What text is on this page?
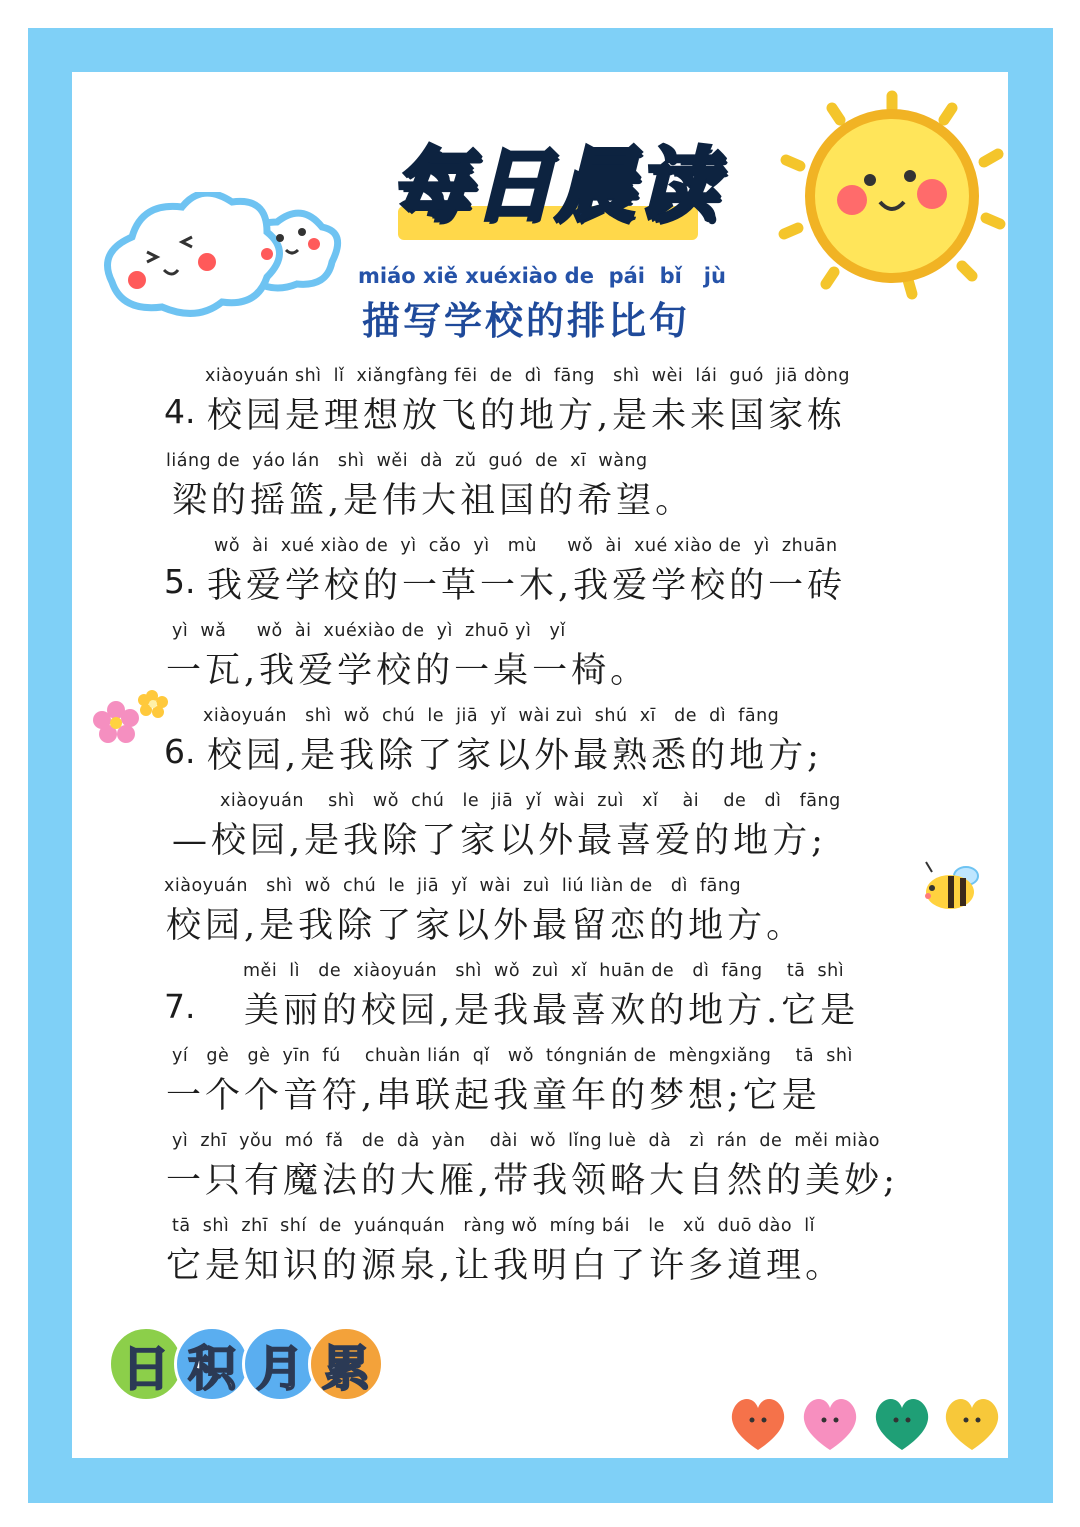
每日晨读
miáo xiě xuéxiào de  pái  bǐ   jù
描写学校的排比句
xiàoyuán shì  lǐ  xiǎngfàng fēi  de  dì  fāng   shì  wèi  lái  guó  jiā dòng
4. 校园是理想放飞的地方,是未来国家栋
liáng de  yáo lán   shì  wěi  dà  zǔ  guó  de  xī  wàng
梁的摇篮,是伟大祖国的希望。
wǒ  ài  xué xiào de  yì  cǎo  yì   mù     wǒ  ài  xué xiào de  yì  zhuān
5. 我爱学校的一草一木,我爱学校的一砖
yì  wǎ     wǒ  ài  xuéxiào de  yì  zhuō yì   yǐ
一瓦,我爱学校的一桌一椅。
xiàoyuán   shì  wǒ  chú  le  jiā  yǐ  wài zuì  shú  xī   de  dì  fāng
6. 校园,是我除了家以外最熟悉的地方;
xiàoyuán    shì   wǒ  chú   le  jiā  yǐ  wài  zuì   xǐ    ài    de   dì   fāng
—校园,是我除了家以外最喜爱的地方;
xiàoyuán   shì  wǒ  chú  le  jiā  yǐ  wài  zuì  liú liàn de   dì  fāng
校园,是我除了家以外最留恋的地方。
měi  lì   de  xiàoyuán   shì  wǒ  zuì  xǐ  huān de   dì  fāng    tā  shì
7. 美丽的校园,是我最喜欢的地方.它是
yí   gè   gè  yīn  fú    chuàn lián  qǐ   wǒ  tóngnián de  mèngxiǎng    tā  shì
一个个音符,串联起我童年的梦想;它是
yì  zhī  yǒu  mó  fǎ   de  dà  yàn    dài  wǒ  lǐng luè  dà   zì  rán  de  měi miào
一只有魔法的大雁,带我领略大自然的美妙;
tā  shì  zhī  shí  de  yuánquán   ràng wǒ  míng bái   le   xǔ  duō dào  lǐ
它是知识的源泉,让我明白了许多道理。
日 积 月 累
